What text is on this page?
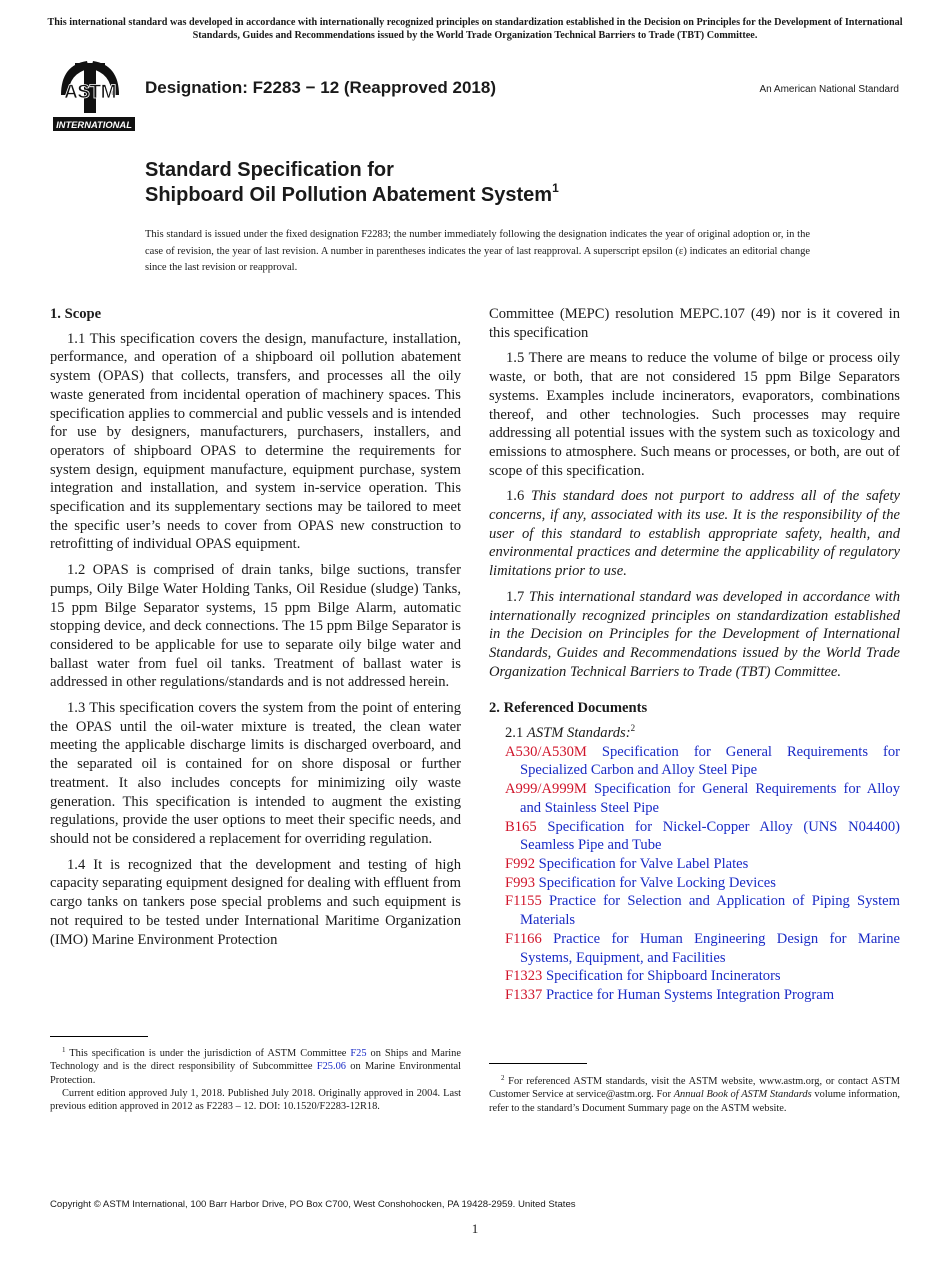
This international standard was developed in accordance with internationally recognized principles on standardization established in the Decision on Principles for the Development of International Standards, Guides and Recommendations issued by the World Trade Organization Technical Barriers to Trade (TBT) Committee.
ASTM
INTERNATIONAL
Designation: F2283 − 12 (Reapproved 2018)	An American National Standard
Standard Specification for
Shipboard Oil Pollution Abatement System$^1$
This standard is issued under the fixed designation F2283; the number immediately following the designation indicates the year of original adoption or, in the case of revision, the year of last revision. A number in parentheses indicates the year of last reapproval. A superscript epsilon (ε) indicates an editorial change since the last revision or reapproval.
1. Scope

1.1 This specification covers the design, manufacture, installation, performance, and operation of a shipboard oil pollution abatement system (OPAS) that collects, transfers, and processes all the oily waste generated from incidental operation of machinery spaces. This specification applies to commercial and public vessels and is intended for use by designers, manufacturers, purchasers, installers, and operators of shipboard OPAS to determine the requirements for system design, equipment manufacture, equipment purchase, system integration and installation, and system in-service operation. This specification and its supplementary sections may be tailored to meet the specific user’s needs to cover from OPAS new construction to retrofitting of individual OPAS equipment.

1.2 OPAS is comprised of drain tanks, bilge suctions, transfer pumps, Oily Bilge Water Holding Tanks, Oil Residue (sludge) Tanks, 15 ppm Bilge Separator systems, 15 ppm Bilge Alarm, automatic stopping device, and deck connections. The 15 ppm Bilge Separator is considered to be applicable for use to separate oily bilge water and ballast water from fuel oil tanks. Treatment of ballast water is addressed in other regulations/standards and is not addressed herein.

1.3 This specification covers the system from the point of entering the OPAS until the oil-water mixture is treated, the clean water meeting the applicable discharge limits is discharged overboard, and the separated oil is contained for on shore disposal or further treatment. It also includes concepts for minimizing oily waste generation. This specification is intended to augment the existing regulations, provide the user options to meet their specific needs, and should not be considered a replacement for overriding regulation.

1.4 It is recognized that the development and testing of high capacity separating equipment designed for dealing with effluent from cargo tanks on tankers pose special problems and such equipment is not required to be tested under International Maritime Organization (IMO) Marine Environment Protection

Committee (MEPC) resolution MEPC.107 (49) nor is it covered in this specification

1.5 There are means to reduce the volume of bilge or process oily waste, or both, that are not considered 15 ppm Bilge Separators systems. Examples include incinerators, evaporators, combinations thereof, and other technologies. Such processes may require addressing all potential issues with the system such as toxicology and emissions to atmosphere. Such means or processes, or both, are out of scope of this specification.

1.6 This standard does not purport to address all of the safety concerns, if any, associated with its use. It is the responsibility of the user of this standard to establish appropriate safety, health, and environmental practices and determine the applicability of regulatory limitations prior to use.

1.7 This international standard was developed in accordance with internationally recognized principles on standardization established in the Decision on Principles for the Development of International Standards, Guides and Recommendations issued by the World Trade Organization Technical Barriers to Trade (TBT) Committee.

2. Referenced Documents
2.1 ASTM Standards:$^2$
A530/A530M Specification for General Requirements for Specialized Carbon and Alloy Steel Pipe
A999/A999M Specification for General Requirements for Alloy and Stainless Steel Pipe
B165 Specification for Nickel-Copper Alloy (UNS N04400) Seamless Pipe and Tube
F992 Specification for Valve Label Plates
F993 Specification for Valve Locking Devices
F1155 Practice for Selection and Application of Piping System Materials
F1166 Practice for Human Engineering Design for Marine Systems, Equipment, and Facilities
F1323 Specification for Shipboard Incinerators
F1337 Practice for Human Systems Integration Program

$^1$ This specification is under the jurisdiction of ASTM Committee F25 on Ships and Marine Technology and is the direct responsibility of Subcommittee F25.06 on Marine Environmental Protection.

Current edition approved July 1, 2018. Published July 2018. Originally approved in 2004. Last previous edition approved in 2012 as F2283 – 12. DOI: 10.1520/F2283-12R18.

$^2$ For referenced ASTM standards, visit the ASTM website, www.astm.org, or contact ASTM Customer Service at service@astm.org. For Annual Book of ASTM Standards volume information, refer to the standard’s Document Summary page on the ASTM website.

Copyright © ASTM International, 100 Barr Harbor Drive, PO Box C700, West Conshohocken, PA 19428-2959. United States
1
